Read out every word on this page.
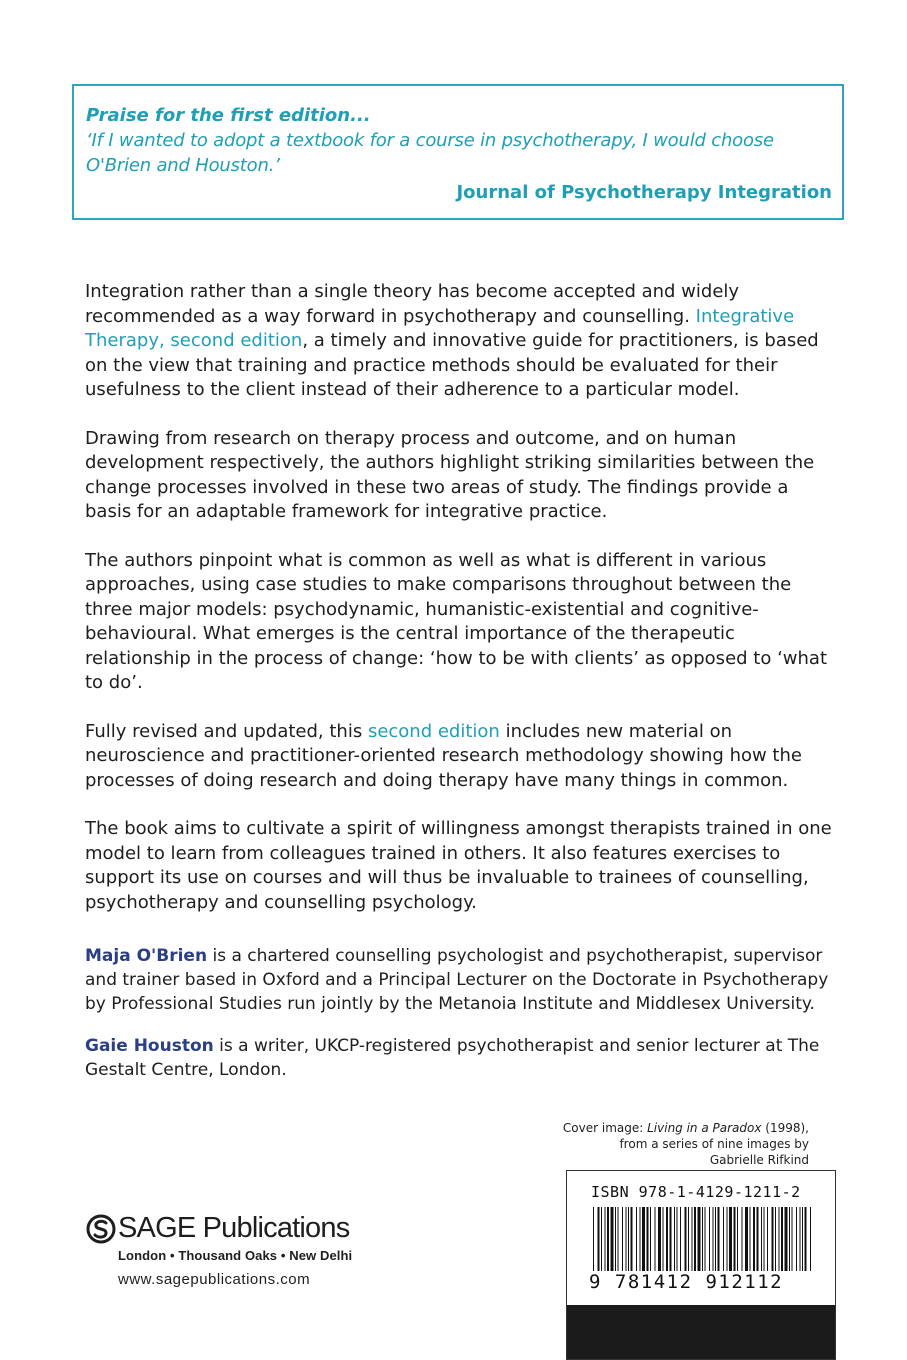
Praise for the first edition...

‘If I wanted to adopt a textbook for a course in psychotherapy, I would choose O'Brien and Houston.’

Journal of Psychotherapy Integration

Integration rather than a single theory has become accepted and widely recommended as a way forward in psychotherapy and counselling. Integrative Therapy, second edition, a timely and innovative guide for practitioners, is based on the view that training and practice methods should be evaluated for their usefulness to the client instead of their adherence to a particular model.

Drawing from research on therapy process and outcome, and on human development respectively, the authors highlight striking similarities between the change processes involved in these two areas of study. The findings provide a basis for an adaptable framework for integrative practice.

The authors pinpoint what is common as well as what is different in various approaches, using case studies to make comparisons throughout between the three major models: psychodynamic, humanistic-existential and cognitive-behavioural. What emerges is the central importance of the therapeutic relationship in the process of change: ‘how to be with clients’ as opposed to ‘what to do’.

Fully revised and updated, this second edition includes new material on neuroscience and practitioner-oriented research methodology showing how the processes of doing research and doing therapy have many things in common.

The book aims to cultivate a spirit of willingness amongst therapists trained in one model to learn from colleagues trained in others. It also features exercises to support its use on courses and will thus be invaluable to trainees of counselling, psychotherapy and counselling psychology.

Maja O'Brien is a chartered counselling psychologist and psychotherapist, supervisor and trainer based in Oxford and a Principal Lecturer on the Doctorate in Psychotherapy by Professional Studies run jointly by the Metanoia Institute and Middlesex University.

Gaie Houston is a writer, UKCP-registered psychotherapist and senior lecturer at The Gestalt Centre, London.

Cover image: Living in a Paradox (1998),
from a series of nine images by
Gabrielle Rifkind
ISBN 978-1-4129-1211-2
9 781412 912112
SAGE Publications
London • Thousand Oaks • New Delhi
www.sagepublications.com
